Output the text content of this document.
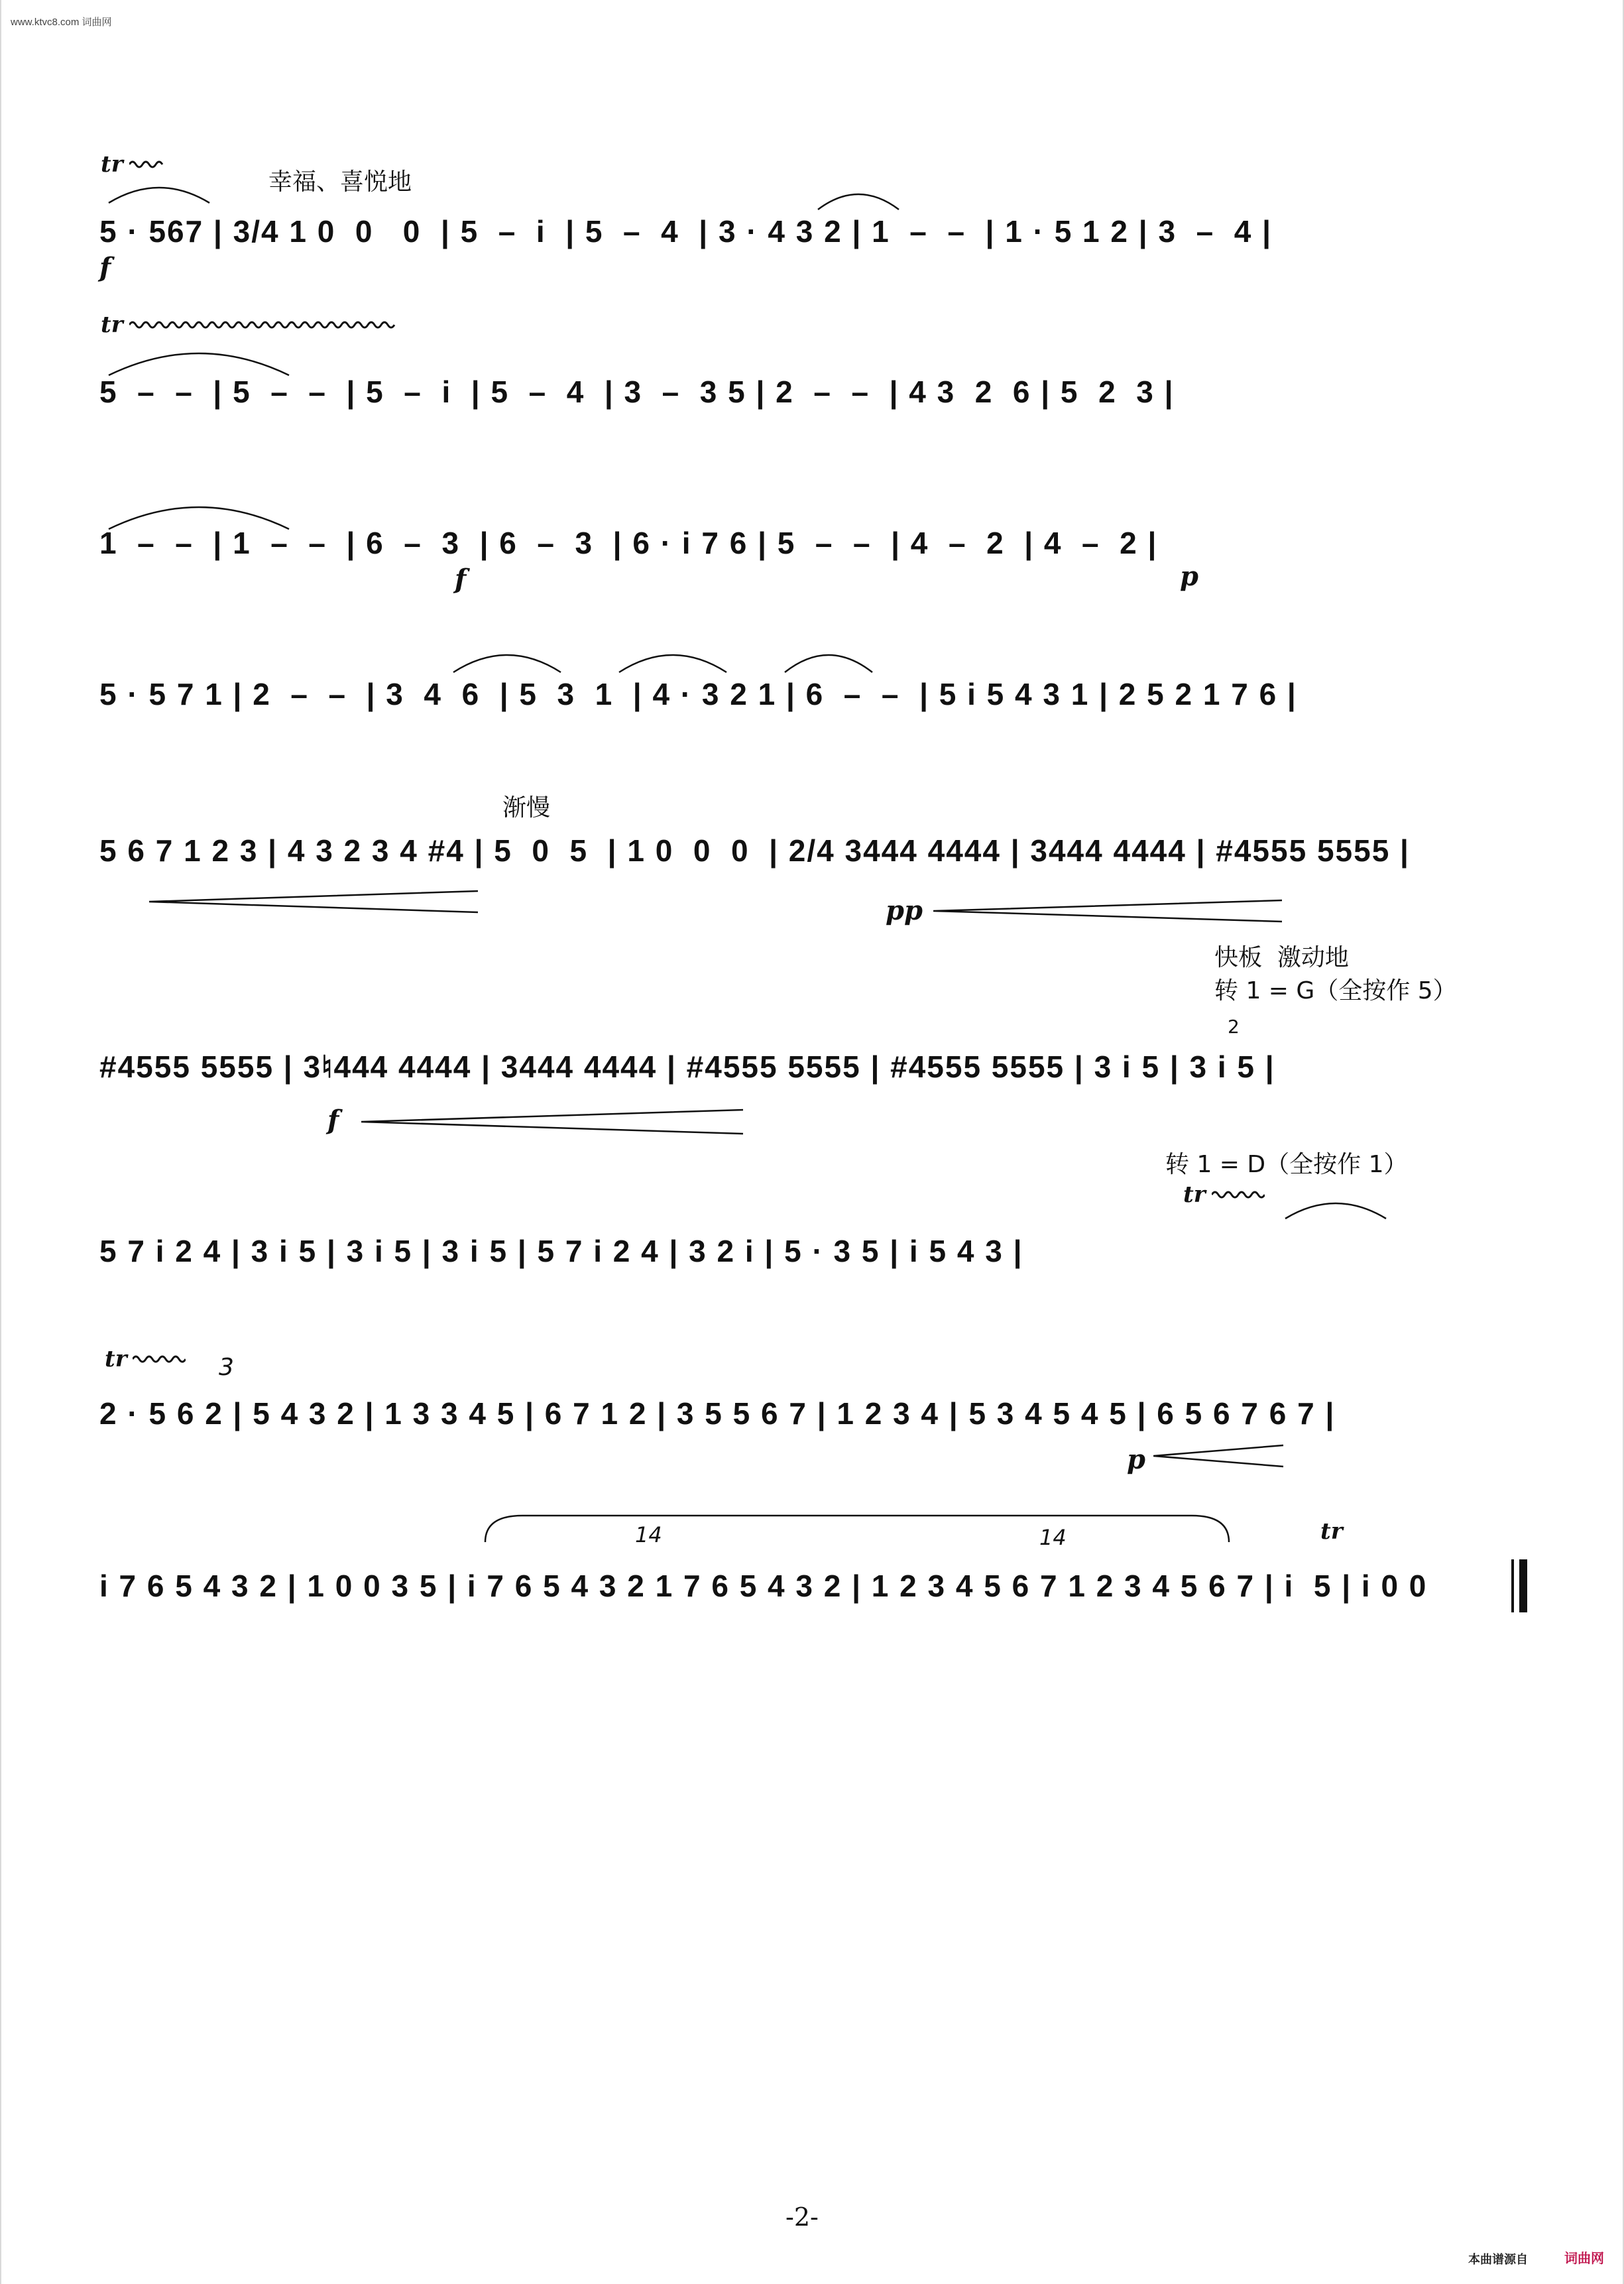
www.ktvc8.com 词曲网
幸福、喜悦地
渐慢
快板  激动地
转 1 = G（全按作 5）
转 1 = D（全按作 1）
tr
tr
tr
tr
tr
5 · 567 | 3/4 1 0  0   0  | 5  –  i  | 5  –  4  | 3 · 4 3 2 | 1  –  –  | 1 · 5 1 2 | 3  –  4 |
5  –  –  | 5  –  –  | 5  –  i  | 5  –  4  | 3  –  3 5 | 2  –  –  | 4 3  2  6 | 5  2  3 |
1  –  –  | 1  –  –  | 6  –  3  | 6  –  3  | 6 · i 7 6 | 5  –  –  | 4  –  2  | 4  –  2 |
5 · 5 7 1 | 2  –  –  | 3  4  6  | 5  3  1  | 4 · 3 2 1 | 6  –  –  | 5 i 5 4 3 1 | 2 5 2 1 7 6 |
5 6 7 1 2 3 | 4 3 2 3 4 #4 | 5  0  5  | 1 0  0  0  | 2/4 3444 4444 | 3444 4444 | #4555 5555 |
#4555 5555 | 3♮444 4444 | 3444 4444 | #4555 5555 | #4555 5555 | 3 i 5 | 3 i 5 |
5 7 i 2 4 | 3 i 5 | 3 i 5 | 3 i 5 | 5 7 i 2 4 | 3 2 i | 5 · 3 5 | i 5 4 3 |
2 · 5 6 2 | 5 4 3 2 | 1 3 3 4 5 | 6 7 1 2 | 3 5 5 6 7 | 1 2 3 4 | 5 3 4 5 4 5 | 6 5 6 7 6 7 |
i 7 6 5 4 3 2 | 1 0 0 3 5 | i 7 6 5 4 3 2 1 7 6 5 4 3 2 | 1 2 3 4 5 6 7 1 2 3 4 5 6 7 | i  5 | i 0 0
3
14	14
2
f
f	p
pp
f
p
-2-
本曲谱源自	词曲网
